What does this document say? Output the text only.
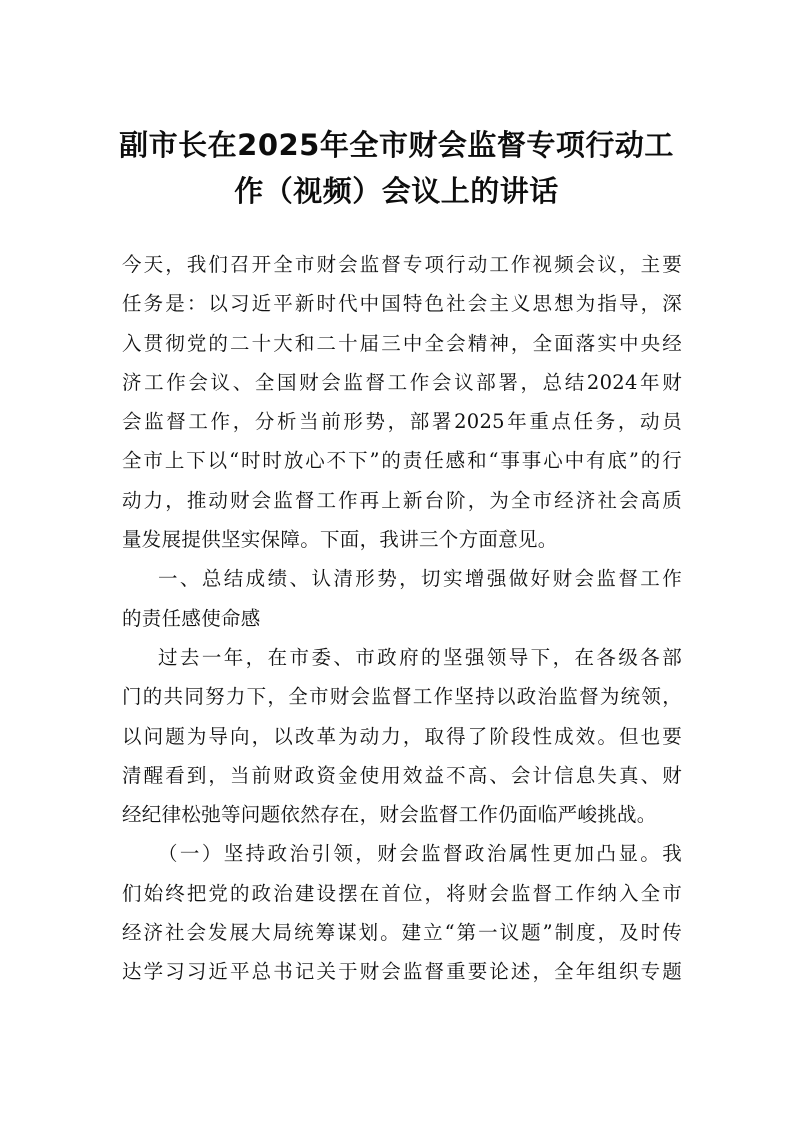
副市长在2025年全市财会监督专项行动工
作（视频）会议上的讲话
今天，我们召开全市财会监督专项行动工作视频会议，主要
任务是：以习近平新时代中国特色社会主义思想为指导，深
入贯彻党的二十大和二十届三中全会精神，全面落实中央经
济工作会议、全国财会监督工作会议部署，总结2024年财
会监督工作，分析当前形势，部署2025年重点任务，动员
全市上下以“时时放心不下”的责任感和“事事心中有底”的行
动力，推动财会监督工作再上新台阶，为全市经济社会高质
量发展提供坚实保障。下面，我讲三个方面意见。
一、总结成绩、认清形势，切实增强做好财会监督工作
的责任感使命感
过去一年，在市委、市政府的坚强领导下，在各级各部
门的共同努力下，全市财会监督工作坚持以政治监督为统领，
以问题为导向，以改革为动力，取得了阶段性成效。但也要
清醒看到，当前财政资金使用效益不高、会计信息失真、财
经纪律松弛等问题依然存在，财会监督工作仍面临严峻挑战。
（一）坚持政治引领，财会监督政治属性更加凸显。我
们始终把党的政治建设摆在首位，将财会监督工作纳入全市
经济社会发展大局统筹谋划。建立“第一议题”制度，及时传
达学习习近平总书记关于财会监督重要论述，全年组织专题
